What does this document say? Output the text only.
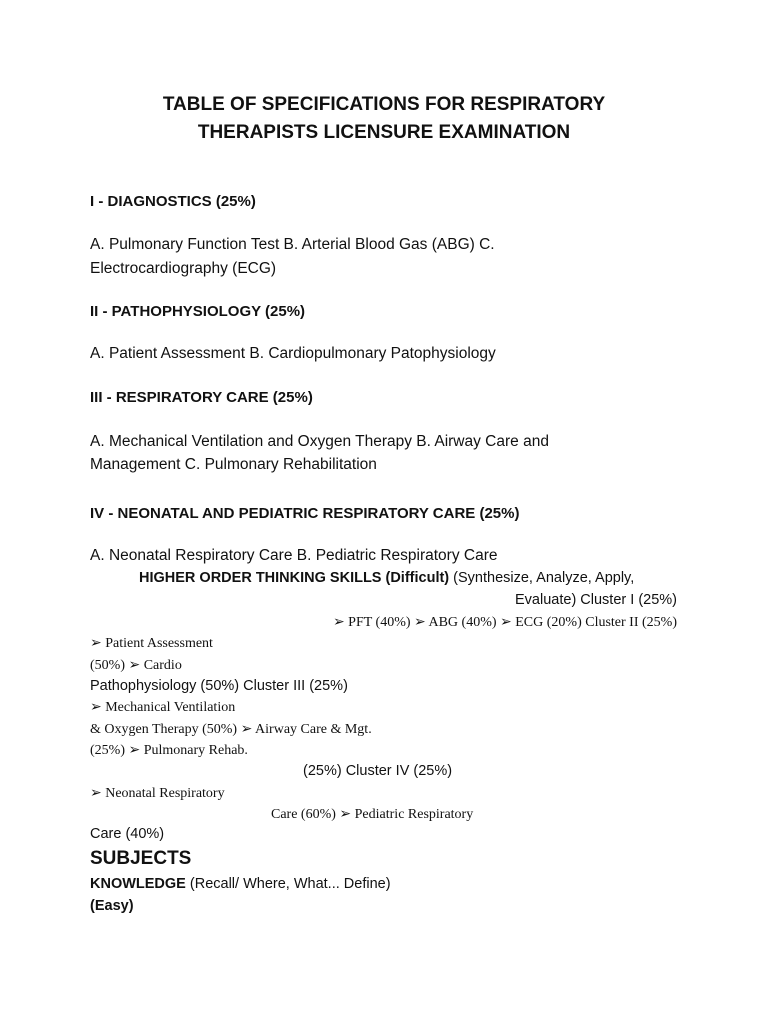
TABLE OF SPECIFICATIONS FOR RESPIRATORY
THERAPISTS LICENSURE EXAMINATION
I - DIAGNOSTICS (25%)
A. Pulmonary Function Test B. Arterial Blood Gas (ABG) C.
Electrocardiography (ECG)
II - PATHOPHYSIOLOGY (25%)
A. Patient Assessment B. Cardiopulmonary Patophysiology
III - RESPIRATORY CARE (25%)
A. Mechanical Ventilation and Oxygen Therapy B. Airway Care and
Management C. Pulmonary Rehabilitation
IV - NEONATAL AND PEDIATRIC RESPIRATORY CARE (25%)
A. Neonatal Respiratory Care B. Pediatric Respiratory Care
HIGHER ORDER THINKING SKILLS (Difficult) (Synthesize, Analyze, Apply,
Evaluate) Cluster I (25%)
➢ PFT (40%) ➢ ABG (40%) ➢ ECG (20%) Cluster II (25%)
➢ Patient Assessment
(50%) ➢ Cardio
Pathophysiology (50%) Cluster III (25%)
➢ Mechanical Ventilation
& Oxygen Therapy (50%) ➢ Airway Care & Mgt.
(25%) ➢ Pulmonary Rehab.
(25%) Cluster IV (25%)
➢ Neonatal Respiratory
Care (60%) ➢ Pediatric Respiratory
Care (40%)
SUBJECTS
KNOWLEDGE (Recall/ Where, What... Define)
(Easy)
